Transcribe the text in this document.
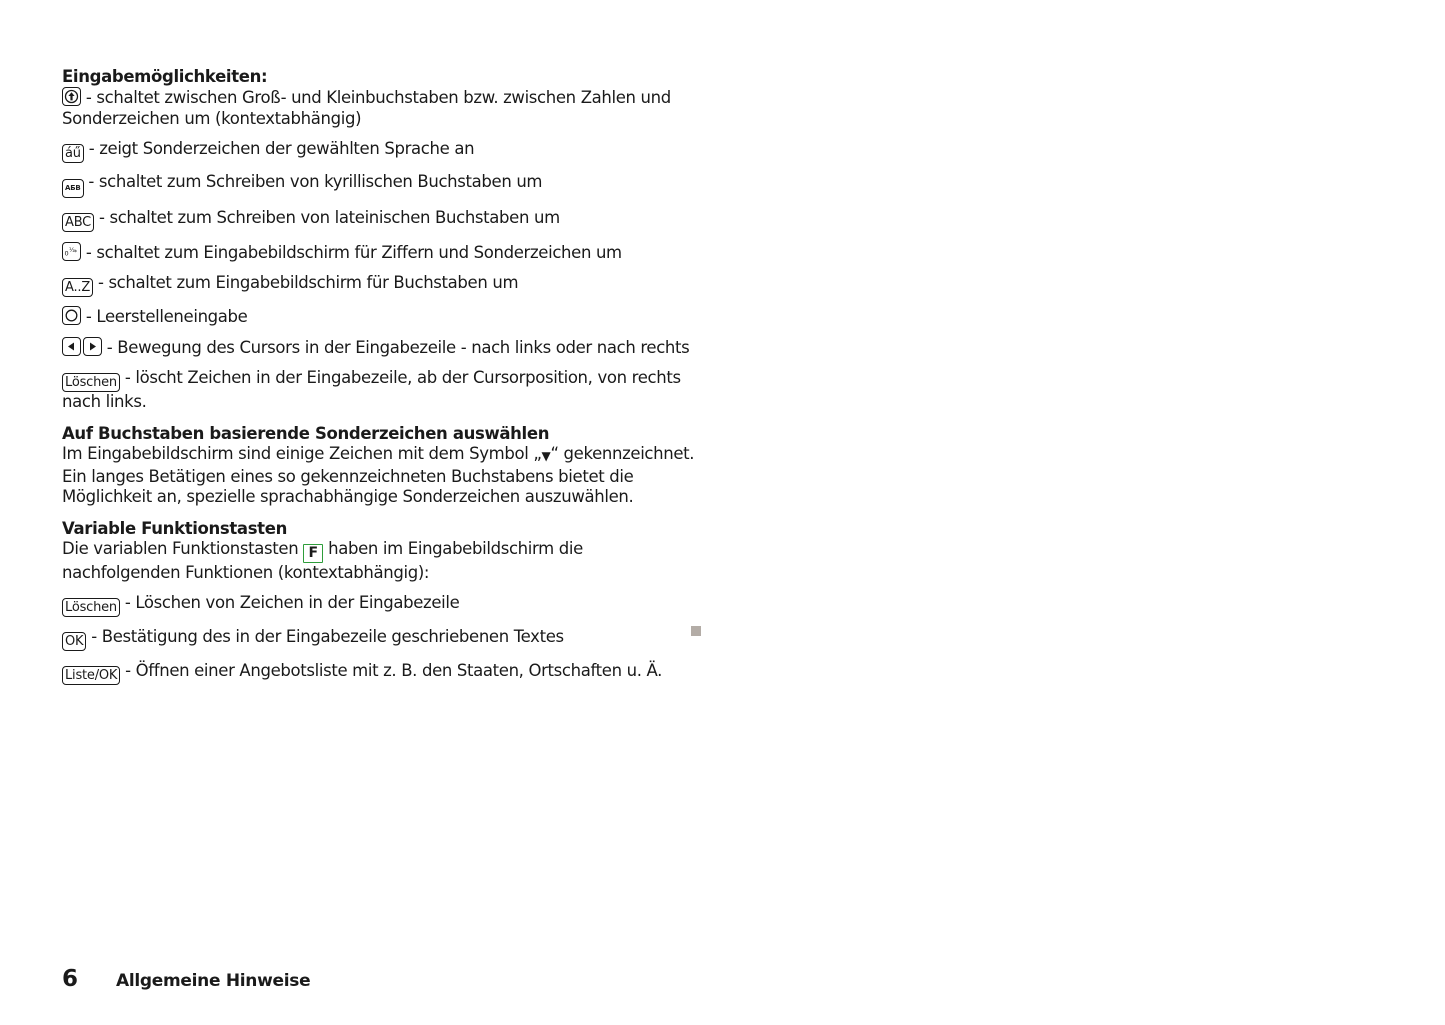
Eingabemöglichkeiten:

- schaltet zwischen Groß- und Kleinbuchstaben bzw. zwischen Zahlen und Sonderzeichen um (kontextabhängig)

áű - zeigt Sonderzeichen der gewählten Sprache an

АБВ - schaltet zum Schreiben von kyrillischen Buchstaben um

ABC - schaltet zum Schreiben von lateinischen Buchstaben um

0 ½ * - schaltet zum Eingabebildschirm für Ziffern und Sonderzeichen um

A..Z - schaltet zum Eingabebildschirm für Buchstaben um

- Leerstelleneingabe

- Bewegung des Cursors in der Eingabezeile - nach links oder nach rechts

Löschen - löscht Zeichen in der Eingabezeile, ab der Cursorposition, von rechts nach links.

Auf Buchstaben basierende Sonderzeichen auswählen

Im Eingabebildschirm sind einige Zeichen mit dem Symbol „▼“ gekennzeichnet. Ein langes Betätigen eines so gekennzeichneten Buchstabens bietet die Möglichkeit an, spezielle sprachabhängige Sonderzeichen auszuwählen.

Variable Funktionstasten

Die variablen Funktionstasten F haben im Eingabebildschirm die nachfolgenden Funktionen (kontextabhängig):

Löschen - Löschen von Zeichen in der Eingabezeile

OK - Bestätigung des in der Eingabezeile geschriebenen Textes

Liste/OK - Öffnen einer Angebotsliste mit z. B. den Staaten, Ortschaften u. Ä.

6 Allgemeine Hinweise
